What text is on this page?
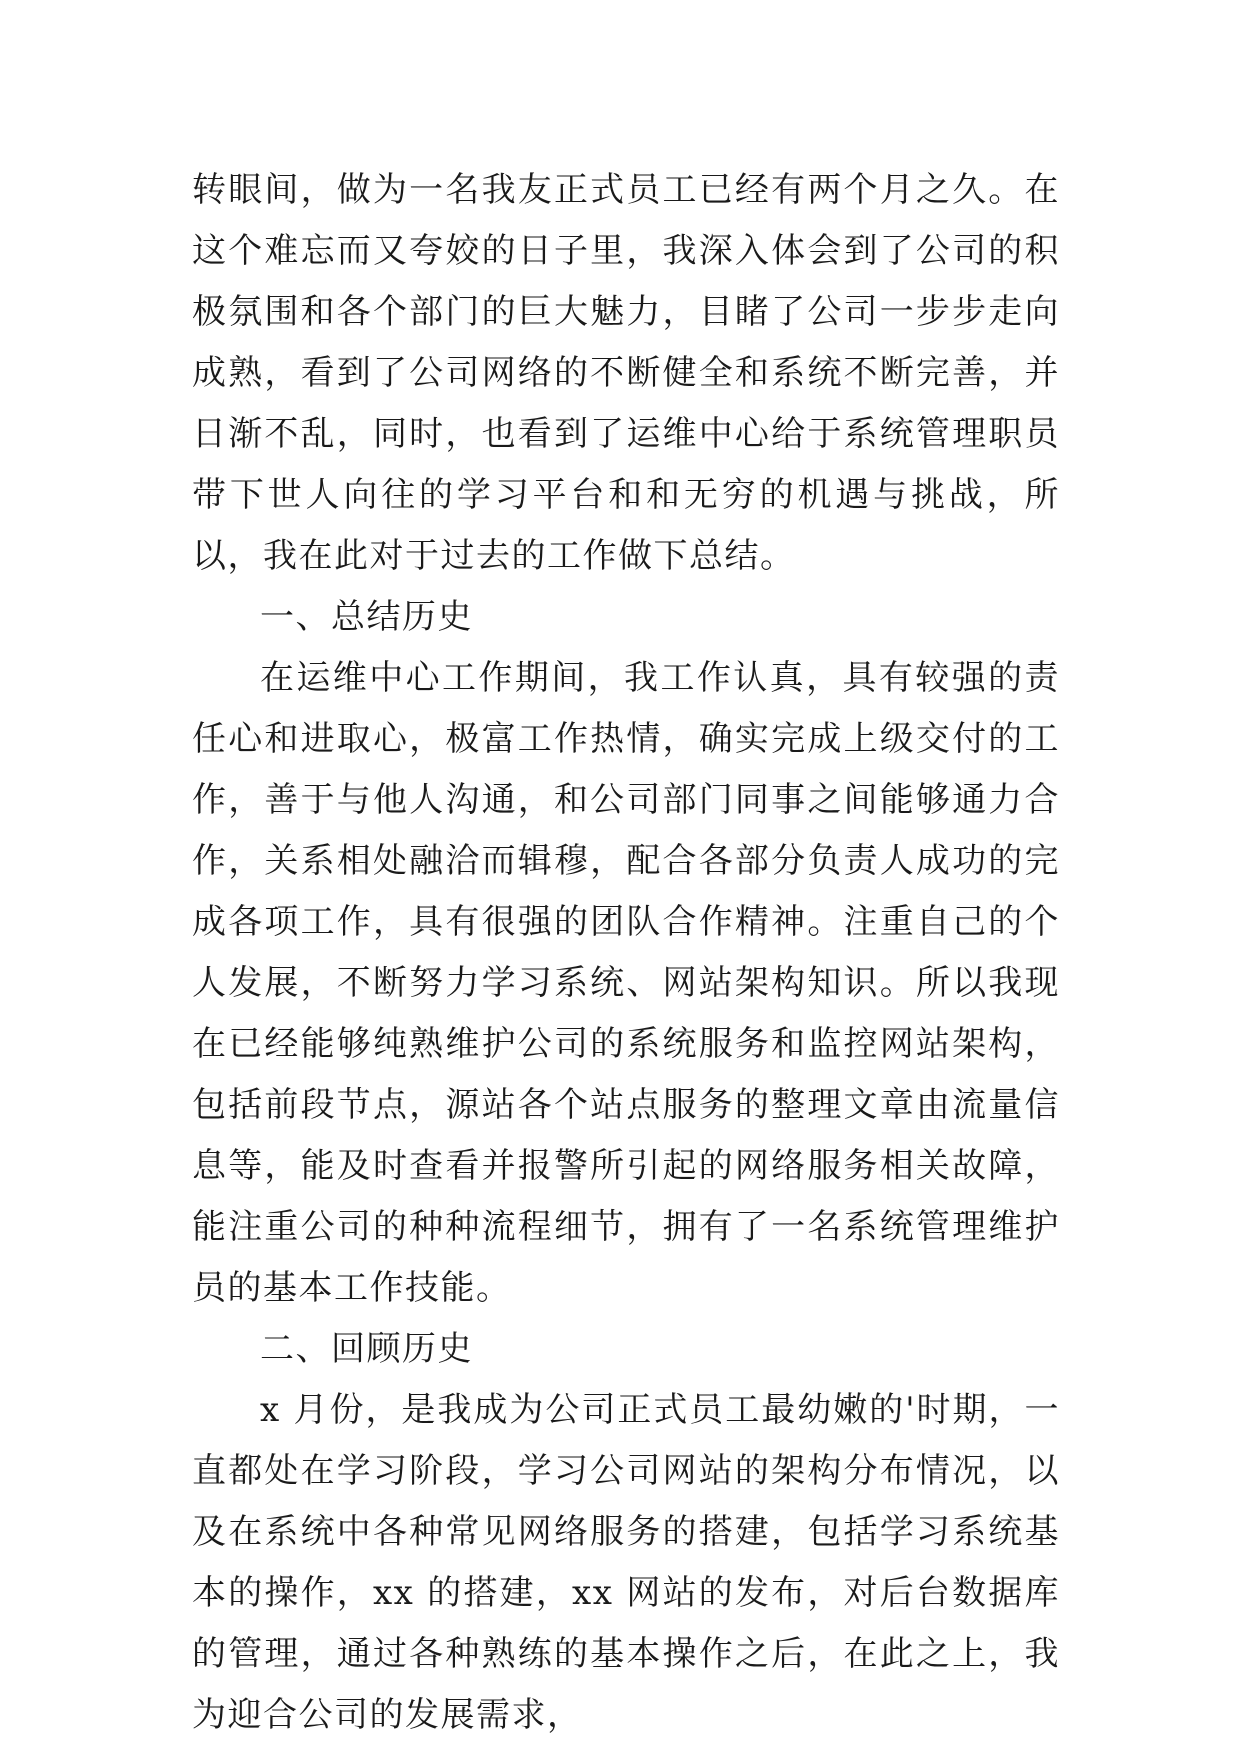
转眼间，做为一名我友正式员工已经有两个月之久。在这个难忘而又夸姣的日子里，我深入体会到了公司的积极氛围和各个部门的巨大魅力，目睹了公司一步步走向成熟，看到了公司网络的不断健全和系统不断完善，并日渐不乱，同时，也看到了运维中心给于系统管理职员带下世人向往的学习平台和和无穷的机遇与挑战，所以，我在此对于过去的工作做下总结。

一、总结历史

在运维中心工作期间，我工作认真，具有较强的责任心和进取心，极富工作热情，确实完成上级交付的工作，善于与他人沟通，和公司部门同事之间能够通力合作，关系相处融洽而辑穆，配合各部分负责人成功的完成各项工作，具有很强的团队合作精神。注重自己的个人发展，不断努力学习系统、网站架构知识。所以我现在已经能够纯熟维护公司的系统服务和监控网站架构，包括前段节点，源站各个站点服务的整理文章由流量信息等，能及时查看并报警所引起的网络服务相关故障，能注重公司的种种流程细节，拥有了一名系统管理维护员的基本工作技能。

二、回顾历史

x 月份，是我成为公司正式员工最幼嫩的'时期，一直都处在学习阶段，学习公司网站的架构分布情况，以及在系统中各种常见网络服务的搭建，包括学习系统基本的操作，xx 的搭建，xx 网站的发布，对后台数据库的管理，通过各种熟练的基本操作之后，在此之上，我为迎合公司的发展需求，
